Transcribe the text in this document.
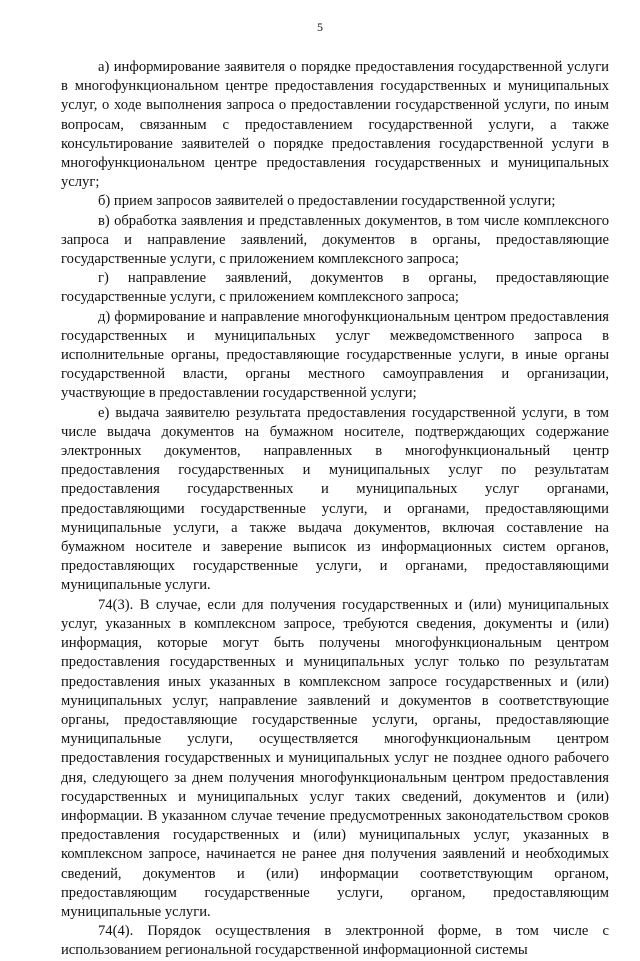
5

а) информирование заявителя о порядке предоставления государственной услуги в многофункциональном центре предоставления государственных и муниципальных услуг, о ходе выполнения запроса о предоставлении государственной услуги, по иным вопросам, связанным с предоставлением государственной услуги, а также консультирование заявителей о порядке предоставления государственной услуги в многофункциональном центре предоставления государственных и муниципальных услуг;

б) прием запросов заявителей о предоставлении государственной услуги;

в) обработка заявления и представленных документов, в том числе комплексного запроса и направление заявлений, документов в органы, предоставляющие государственные услуги, с приложением комплексного запроса;

г) направление заявлений, документов в органы, предоставляющие государственные услуги, с приложением комплексного запроса;

д) формирование и направление многофункциональным центром предоставления государственных и муниципальных услуг межведомственного запроса в исполнительные органы, предоставляющие государственные услуги, в иные органы государственной власти, органы местного самоуправления и организации, участвующие в предоставлении государственной услуги;

е) выдача заявителю результата предоставления государственной услуги, в том числе выдача документов на бумажном носителе, подтверждающих содержание электронных документов, направленных в многофункциональный центр предоставления государственных и муниципальных услуг по результатам предоставления государственных и муниципальных услуг органами, предоставляющими государственные услуги, и органами, предоставляющими муниципальные услуги, а также выдача документов, включая составление на бумажном носителе и заверение выписок из информационных систем органов, предоставляющих государственные услуги, и органами, предоставляющими муниципальные услуги.

74(3). В случае, если для получения государственных и (или) муниципальных услуг, указанных в комплексном запросе, требуются сведения, документы и (или) информация, которые могут быть получены многофункциональным центром предоставления государственных и муниципальных услуг только по результатам предоставления иных указанных в комплексном запросе государственных и (или) муниципальных услуг, направление заявлений и документов в соответствующие органы, предоставляющие государственные услуги, органы, предоставляющие муниципальные услуги, осуществляется многофункциональным центром предоставления государственных и муниципальных услуг не позднее одного рабочего дня, следующего за днем получения многофункциональным центром предоставления государственных и муниципальных услуг таких сведений, документов и (или) информации. В указанном случае течение предусмотренных законодательством сроков предоставления государственных и (или) муниципальных услуг, указанных в комплексном запросе, начинается не ранее дня получения заявлений и необходимых сведений, документов и (или) информации соответствующим органом, предоставляющим государственные услуги, органом, предоставляющим муниципальные услуги.

74(4). Порядок осуществления в электронной форме, в том числе с использованием региональной государственной информационной системы
